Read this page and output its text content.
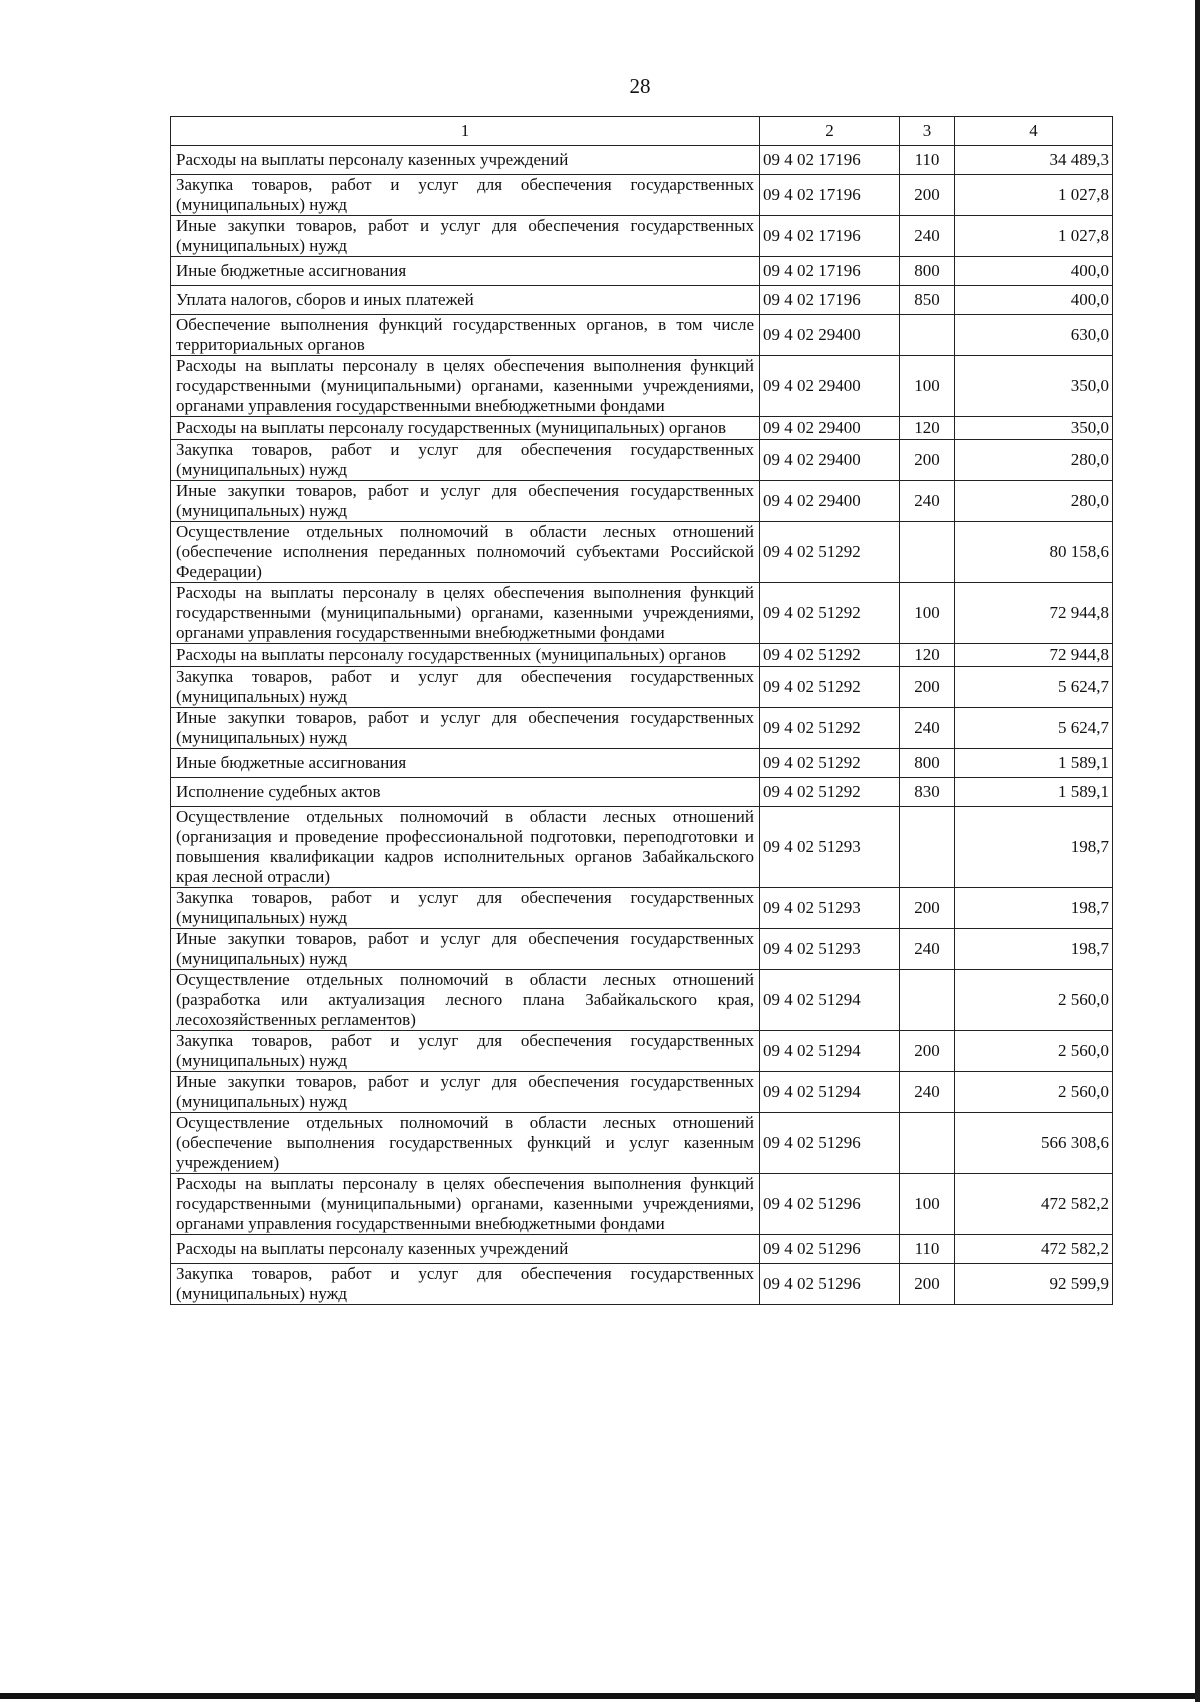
28
1	2	3	4
Расходы на выплаты персоналу казенных учреждений	09 4 02 17196	110	34 489,3
Закупка товаров, работ и услуг для обеспечения государственных (муниципальных) нужд	09 4 02 17196	200	1 027,8
Иные закупки товаров, работ и услуг для обеспечения государственных (муниципальных) нужд	09 4 02 17196	240	1 027,8
Иные бюджетные ассигнования	09 4 02 17196	800	400,0
Уплата налогов, сборов и иных платежей	09 4 02 17196	850	400,0
Обеспечение выполнения функций государственных органов, в том числе территориальных органов	09 4 02 29400		630,0
Расходы на выплаты персоналу в целях обеспечения выполнения функций государственными (муниципальными) органами, казенными учреждениями, органами управления государственными внебюджетными фондами	09 4 02 29400	100	350,0
Расходы на выплаты персоналу государственных (муниципальных) органов	09 4 02 29400	120	350,0
Закупка товаров, работ и услуг для обеспечения государственных (муниципальных) нужд	09 4 02 29400	200	280,0
Иные закупки товаров, работ и услуг для обеспечения государственных (муниципальных) нужд	09 4 02 29400	240	280,0
Осуществление отдельных полномочий в области лесных отношений (обеспечение исполнения переданных полномочий субъектами Российской Федерации)	09 4 02 51292		80 158,6
Расходы на выплаты персоналу в целях обеспечения выполнения функций государственными (муниципальными) органами, казенными учреждениями, органами управления государственными внебюджетными фондами	09 4 02 51292	100	72 944,8
Расходы на выплаты персоналу государственных (муниципальных) органов	09 4 02 51292	120	72 944,8
Закупка товаров, работ и услуг для обеспечения государственных (муниципальных) нужд	09 4 02 51292	200	5 624,7
Иные закупки товаров, работ и услуг для обеспечения государственных (муниципальных) нужд	09 4 02 51292	240	5 624,7
Иные бюджетные ассигнования	09 4 02 51292	800	1 589,1
Исполнение судебных актов	09 4 02 51292	830	1 589,1
Осуществление отдельных полномочий в области лесных отношений (организация и проведение профессиональной подготовки, переподготовки и повышения квалификации кадров исполнительных органов Забайкальского края лесной отрасли)	09 4 02 51293		198,7
Закупка товаров, работ и услуг для обеспечения государственных (муниципальных) нужд	09 4 02 51293	200	198,7
Иные закупки товаров, работ и услуг для обеспечения государственных (муниципальных) нужд	09 4 02 51293	240	198,7
Осуществление отдельных полномочий в области лесных отношений (разработка или актуализация лесного плана Забайкальского края, лесохозяйственных регламентов)	09 4 02 51294		2 560,0
Закупка товаров, работ и услуг для обеспечения государственных (муниципальных) нужд	09 4 02 51294	200	2 560,0
Иные закупки товаров, работ и услуг для обеспечения государственных (муниципальных) нужд	09 4 02 51294	240	2 560,0
Осуществление отдельных полномочий в области лесных отношений (обеспечение выполнения государственных функций и услуг казенным учреждением)	09 4 02 51296		566 308,6
Расходы на выплаты персоналу в целях обеспечения выполнения функций государственными (муниципальными) органами, казенными учреждениями, органами управления государственными внебюджетными фондами	09 4 02 51296	100	472 582,2
Расходы на выплаты персоналу казенных учреждений	09 4 02 51296	110	472 582,2
Закупка товаров, работ и услуг для обеспечения государственных (муниципальных) нужд	09 4 02 51296	200	92 599,9
